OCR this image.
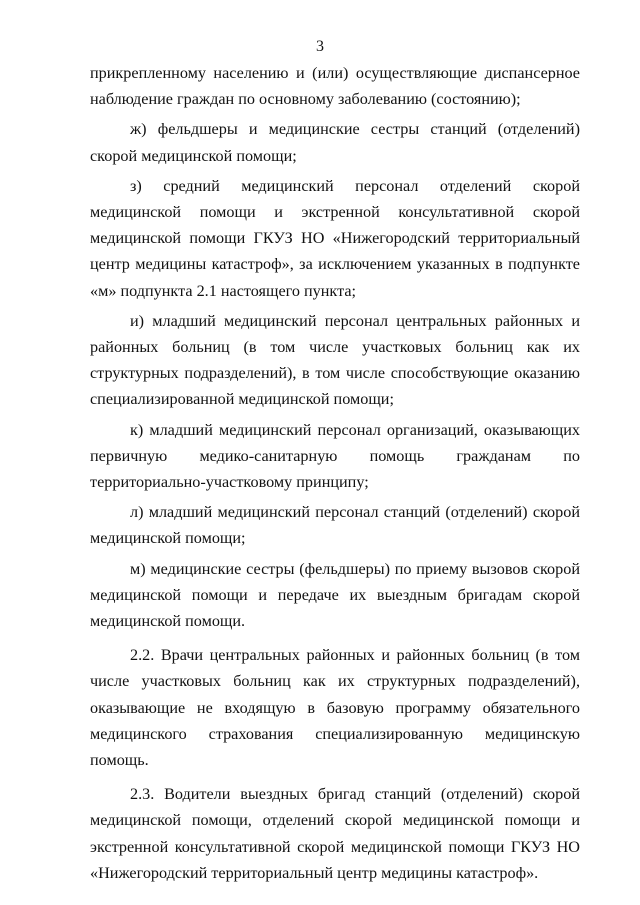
3

прикрепленному населению и (или) осуществляющие диспансерное наблюдение граждан по основному заболеванию (состоянию);

ж) фельдшеры и медицинские сестры станций (отделений) скорой медицинской помощи;

з) средний медицинский персонал отделений скорой медицинской помощи и экстренной консультативной скорой медицинской помощи ГКУЗ НО «Нижегородский территориальный центр медицины катастроф», за исключением указанных в подпункте «м» подпункта 2.1 настоящего пункта;

и) младший медицинский персонал центральных районных и районных больниц (в том числе участковых больниц как их структурных подразделений), в том числе способствующие оказанию специализированной медицинской помощи;

к) младший медицинский персонал организаций, оказывающих первичную медико-санитарную помощь гражданам по территориально-участковому принципу;

л) младший медицинский персонал станций (отделений) скорой медицинской помощи;

м) медицинские сестры (фельдшеры) по приему вызовов скорой медицинской помощи и передаче их выездным бригадам скорой медицинской помощи.

2.2. Врачи центральных районных и районных больниц (в том числе участковых больниц как их структурных подразделений), оказывающие не входящую в базовую программу обязательного медицинского страхования специализированную медицинскую помощь.

2.3. Водители выездных бригад станций (отделений) скорой медицинской помощи, отделений скорой медицинской помощи и экстренной консультативной скорой медицинской помощи ГКУЗ НО «Нижегородский территориальный центр медицины катастроф».
